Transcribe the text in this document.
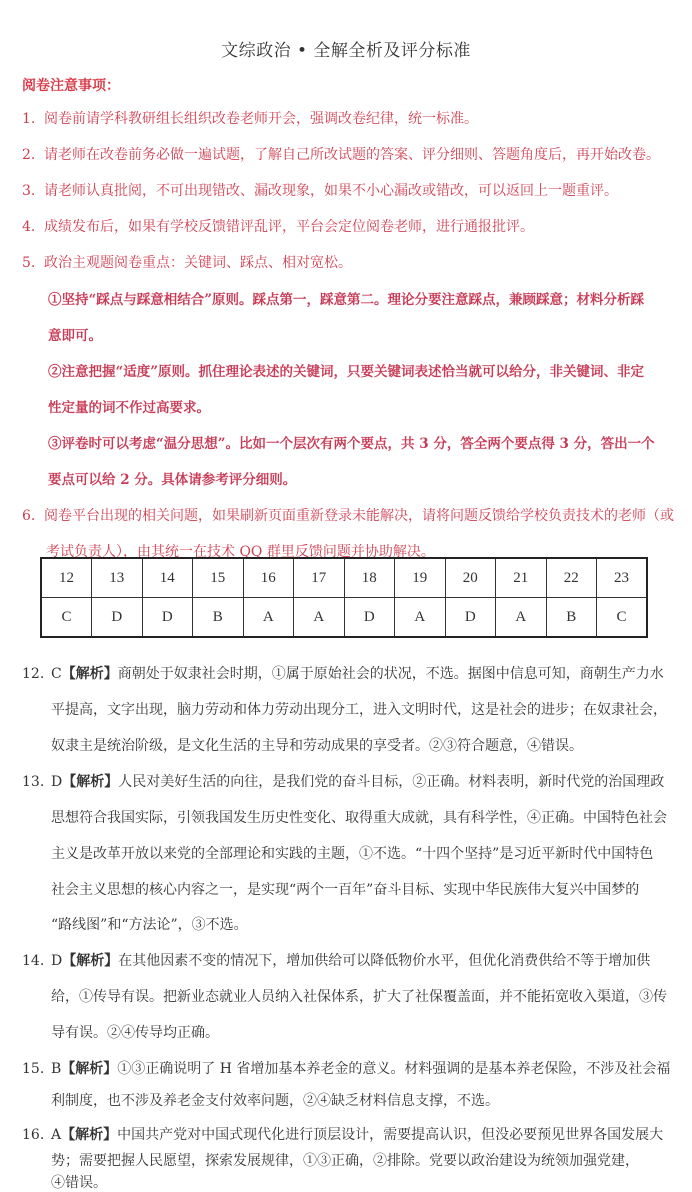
文综政治 • 全解全析及评分标准
阅卷注意事项：
1. 阅卷前请学科教研组长组织改卷老师开会，强调改卷纪律，统一标准。
2. 请老师在改卷前务必做一遍试题，了解自己所改试题的答案、评分细则、答题角度后，再开始改卷。
3. 请老师认真批阅，不可出现错改、漏改现象，如果不小心漏改或错改，可以返回上一题重评。
4. 成绩发布后，如果有学校反馈错评乱评，平台会定位阅卷老师，进行通报批评。
5. 政治主观题阅卷重点：关键词、踩点、相对宽松。
①坚持“踩点与踩意相结合”原则。踩点第一，踩意第二。理论分要注意踩点，兼顾踩意；材料分析踩
意即可。
②注意把握“适度”原则。抓住理论表述的关键词，只要关键词表述恰当就可以给分，非关键词、非定
性定量的词不作过高要求。
③评卷时可以考虑“温分思想”。比如一个层次有两个要点，共 3 分，答全两个要点得 3 分，答出一个
要点可以给 2 分。具体请参考评分细则。
6. 阅卷平台出现的相关问题，如果刷新页面重新登录未能解决，请将问题反馈给学校负责技术的老师（或
考试负责人），由其统一在技术 QQ 群里反馈问题并协助解决。
12	13	14	15	16	17	18	19	20	21	22	23
C	D	D	B	A	A	D	A	D	A	B	C
12. C【解析】商朝处于奴隶社会时期，①属于原始社会的状况，不选。据图中信息可知，商朝生产力水
平提高，文字出现，脑力劳动和体力劳动出现分工，进入文明时代，这是社会的进步；在奴隶社会，
奴隶主是统治阶级，是文化生活的主导和劳动成果的享受者。②③符合题意，④错误。
13. D【解析】人民对美好生活的向往，是我们党的奋斗目标，②正确。材料表明，新时代党的治国理政
思想符合我国实际，引领我国发生历史性变化、取得重大成就，具有科学性，④正确。中国特色社会
主义是改革开放以来党的全部理论和实践的主题，①不选。“十四个坚持”是习近平新时代中国特色
社会主义思想的核心内容之一，是实现“两个一百年”奋斗目标、实现中华民族伟大复兴中国梦的
“路线图”和“方法论”，③不选。
14. D【解析】在其他因素不变的情况下，增加供给可以降低物价水平，但优化消费供给不等于增加供
给，①传导有误。把新业态就业人员纳入社保体系，扩大了社保覆盖面，并不能拓宽收入渠道，③传
导有误。②④传导均正确。
15. B【解析】①③正确说明了 H 省增加基本养老金的意义。材料强调的是基本养老保险，不涉及社会福
利制度，也不涉及养老金支付效率问题，②④缺乏材料信息支撑，不选。
16. A【解析】中国共产党对中国式现代化进行顶层设计，需要提高认识，但没必要预见世界各国发展大
势；需要把握人民愿望，探索发展规律，①③正确，②排除。党要以政治建设为统领加强党建，
④错误。
